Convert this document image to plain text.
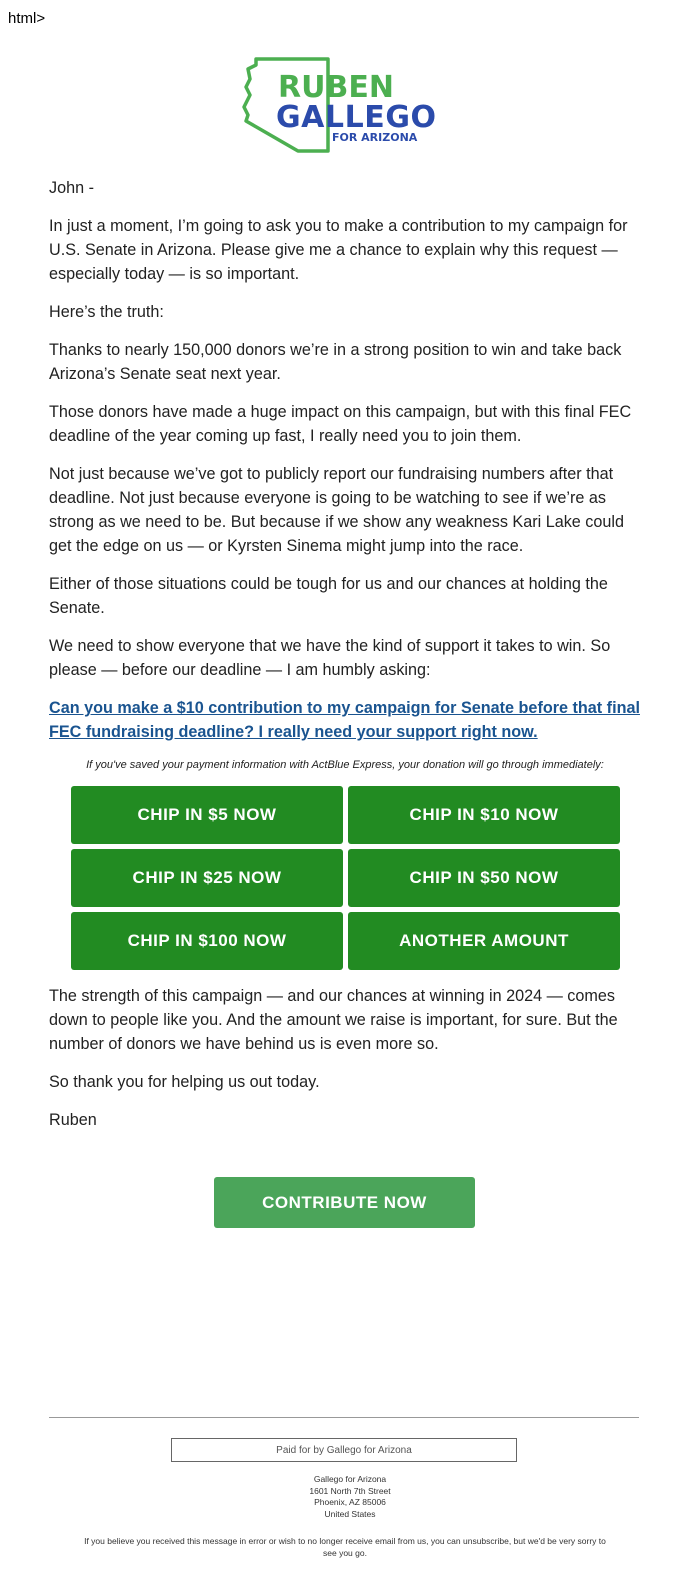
html>
RUBEN
GALLEGO
FOR ARIZONA

John -

In just a moment, I’m going to ask you to make a contribution to my campaign for U.S. Senate in Arizona. Please give me a chance to explain why this request — especially today — is so important.

Here’s the truth:

Thanks to nearly 150,000 donors we’re in a strong position to win and take back Arizona’s Senate seat next year.

Those donors have made a huge impact on this campaign, but with this final FEC deadline of the year coming up fast, I really need you to join them.

Not just because we’ve got to publicly report our fundraising numbers after that deadline. Not just because everyone is going to be watching to see if we’re as strong as we need to be. But because if we show any weakness Kari Lake could get the edge on us — or Kyrsten Sinema might jump into the race.

Either of those situations could be tough for us and our chances at holding the Senate.

We need to show everyone that we have the kind of support it takes to win. So please — before our deadline — I am humbly asking:

Can you make a $10 contribution to my campaign for Senate before that final FEC fundraising deadline? I really need your support right now.

If you've saved your payment information with ActBlue Express, your donation will go through immediately:

CHIP IN $5 NOW	CHIP IN $10 NOW
CHIP IN $25 NOW	CHIP IN $50 NOW
CHIP IN $100 NOW	ANOTHER AMOUNT

The strength of this campaign — and our chances at winning in 2024 — comes down to people like you. And the amount we raise is important, for sure. But the number of donors we have behind us is even more so.

So thank you for helping us out today.

Ruben

CONTRIBUTE NOW
Paid for by Gallego for Arizona
Gallego for Arizona
1601 North 7th Street
Phoenix, AZ 85006
United States
If you believe you received this message in error or wish to no longer receive email from us, you can unsubscribe, but we'd be very sorry to see you go.
